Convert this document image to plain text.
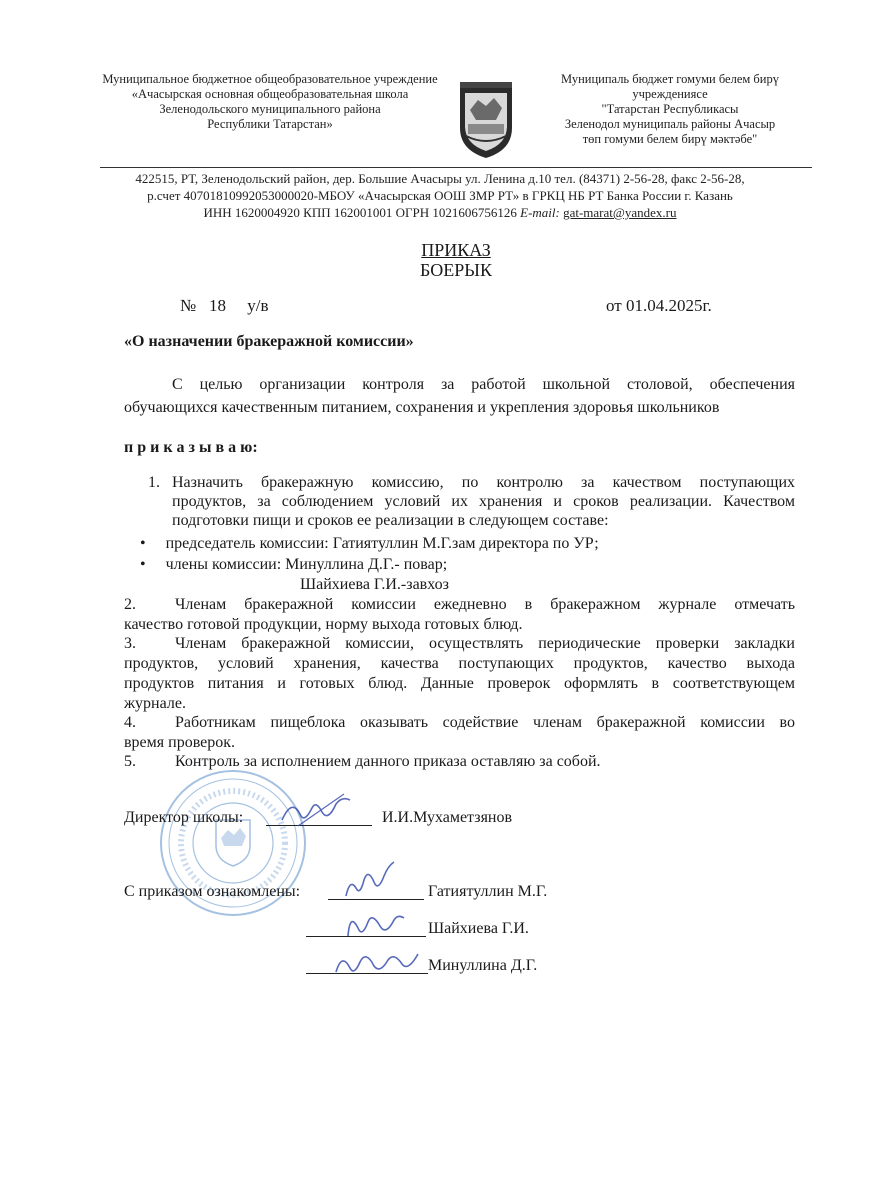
Муниципальное бюджетное общеобразовательное учреждение
«Ачасырская основная общеобразовательная школа
Зеленодольского муниципального района
Республики Татарстан»
Муниципаль бюджет гомуми белем бирү
учреждениясе
"Татарстан Республикасы
Зеленодол муниципаль районы Ачасыр
төп гомуми белем бирү мәктәбе"
422515, РТ, Зеленодольский район, дер. Большие Ачасыры ул. Ленина д.10 тел. (84371) 2-56-28, факс 2-56-28,
р.счет 40701810992053000020-МБОУ «Ачасырская ООШ ЗМР РТ» в ГРКЦ НБ РТ Банка России г. Казань
ИНН 1620004920 КПП 162001001 ОГРН 1021606756126 E-mail: gat-marat@yandex.ru
ПРИКАЗ
БОЕРЫК
№ 18 у/в	от 01.04.2025г.
«О назначении бракеражной комиссии»
С целью организации контроля за работой школьной столовой, обеспечения
обучающихся качественным питанием, сохранения и укрепления здоровья школьников
п р и к а з ы в а ю:
1. Назначить бракеражную комиссию, по контролю за качеством поступающих
продуктов, за соблюдением условий их хранения и сроков реализации. Качеством
подготовки пищи и сроков ее реализации в следующем составе:
• председатель комиссии: Гатиятуллин М.Г.зам директора по УР;
• члены комиссии: Минуллина Д.Г.- повар;
Шайхиева Г.И.-завхоз
2. Членам бракеражной комиссии ежедневно в бракеражном журнале отмечать
качество готовой продукции, норму выхода готовых блюд.
3. Членам бракеражной комиссии, осуществлять периодические проверки закладки
продуктов, условий хранения, качества поступающих продуктов, качество выхода
продуктов питания и готовых блюд. Данные проверок оформлять в соответствующем
журнале.
4. Работникам пищеблока оказывать содействие членам бракеражной комиссии во
время проверок.
5. Контроль за исполнением данного приказа оставляю за собой.
Директор школы:	И.И.Мухаметзянов
С приказом ознакомлены:	Гатиятуллин М.Г.
Шайхиева Г.И.
Минуллина Д.Г.
